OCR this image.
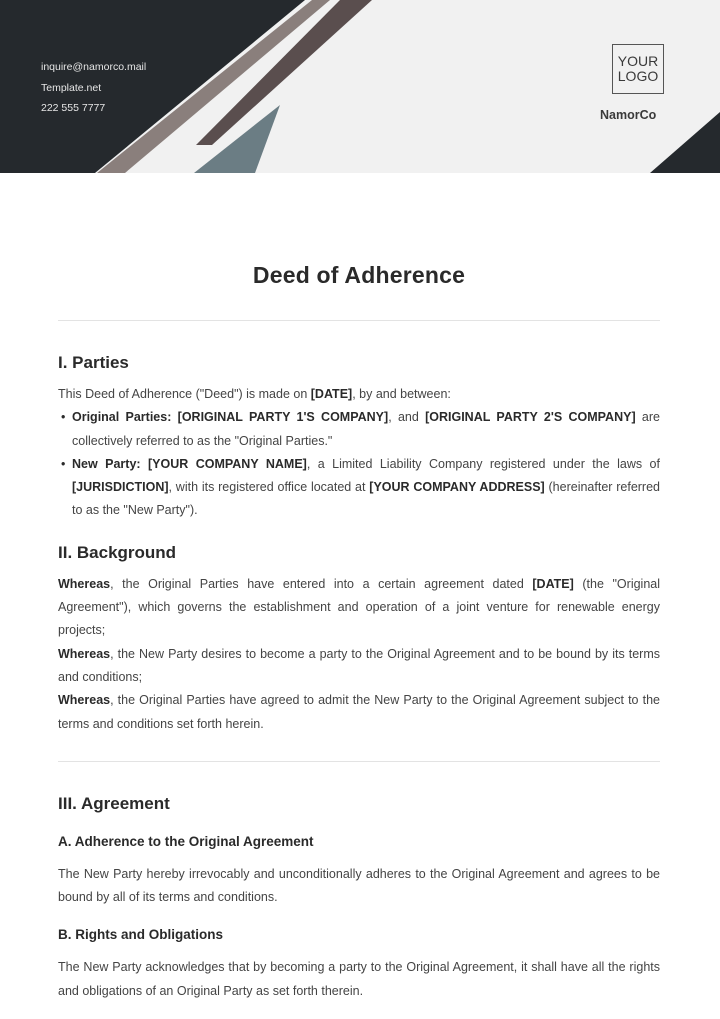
inquire@namorco.mail
Template.net
222 555 7777
YOUR LOGO
NamorCo
Deed of Adherence
I. Parties

This Deed of Adherence ("Deed") is made on [DATE], by and between:

• Original Parties: [ORIGINAL PARTY 1'S COMPANY], and [ORIGINAL PARTY 2'S COMPANY] are collectively referred to as the "Original Parties."
• New Party: [YOUR COMPANY NAME], a Limited Liability Company registered under the laws of [JURISDICTION], with its registered office located at [YOUR COMPANY ADDRESS] (hereinafter referred to as the "New Party").
II. Background

Whereas, the Original Parties have entered into a certain agreement dated [DATE] (the "Original Agreement"), which governs the establishment and operation of a joint venture for renewable energy projects;

Whereas, the New Party desires to become a party to the Original Agreement and to be bound by its terms and conditions;

Whereas, the Original Parties have agreed to admit the New Party to the Original Agreement subject to the terms and conditions set forth herein.

III. Agreement
A. Adherence to the Original Agreement

The New Party hereby irrevocably and unconditionally adheres to the Original Agreement and agrees to be bound by all of its terms and conditions.

B. Rights and Obligations

The New Party acknowledges that by becoming a party to the Original Agreement, it shall have all the rights and obligations of an Original Party as set forth therein.
